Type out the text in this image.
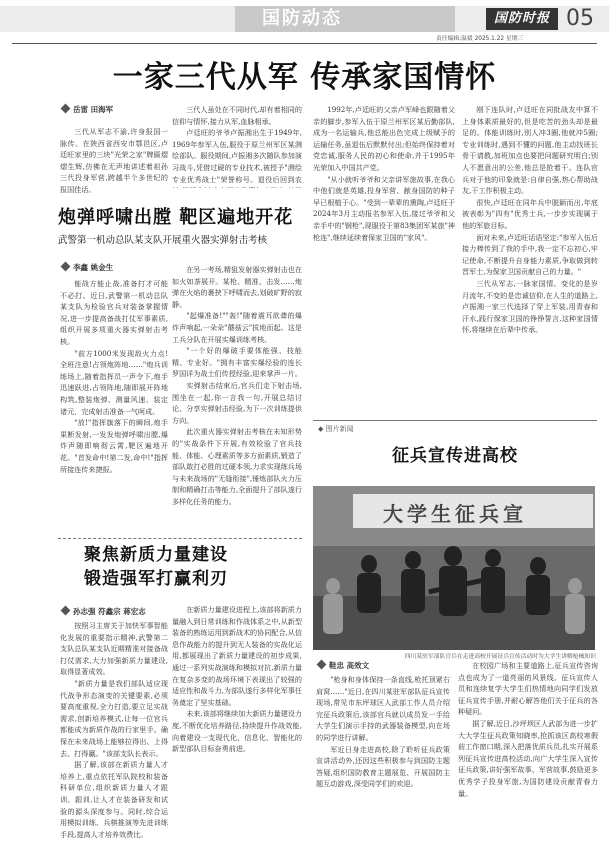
国防动态	国防时报 05
责任编辑:温媛 2025.1.22 星期三
一家三代从军 传承家国情怀
岳雷 田海军

三代从军志不渝,许身报国一脉传。在陕西省西安市鄠邑区,卢廷旺家里的三块"光荣之家"牌匾熠熠生辉,仿佛在无声地讲述着祖孙三代投身军营,跨越半个多世纪的报国佳话。

三代人虽处在不同时代,却有着相同的信仰与情怀,接力从军,血脉相承。

卢廷旺的爷爷卢振湘出生于1949年,1969年参军入伍,服役于原兰州军区某测绘部队。服役期间,卢振湘多次随队参加演习战斗,凭借过硬的专业技术,被授予"测绘专业优秀战士"荣誉称号。退役后回到农

1992年,卢廷旺的父亲卢军峰也跟随着父亲的脚步,参军入伍于原兰州军区某后勤部队,成为一名运输兵,他总能出色完成上级赋予的运输任务,虽退伍后默默付出;但始终保持着对党忠诚,服务人民的初心和使命,并于1995年光荣加入中国共产党。

"从小就听爷爷和父亲讲军旅故事,在我心中他们就是英雄,投身军营、献身国防的种子早已根植于心。"受到一辈辈的熏陶,卢廷旺于2024年3月主动报名参军入伍,接过爷爷和父亲手中的"钢枪",现服役于第83集团军某旅"神枪连",继续延续着保家卫国的"家风"。

刚下连队时,卢廷旺在同批战友中算不上身体素质最好的,但是吃苦的劲头却是最足的。体能训练时,别人冲3圈,他就冲5圈;专业训练时,遇到不懂的问题,他主动找班长骨干请教,加班加点也要把问题研究明白;别人不愿意出的公差,他总是抢着干。连队官兵对于他的印象就是:自律自强,热心帮助战友,干工作积极主动。

很快,卢廷旺在同年兵中脱颖而出,年底被表彰为"四有"优秀士兵,一步步实现属于他的军旅目标。

面对未来,卢廷旺话语坚定:"参军入伍后接力棒传到了我的手中,我一定不忘初心,牢记使命,不断提升自身能力素质,争取做到转晋军士,为保家卫国贡献自己的力量。"

三代从军志,一脉家国情。变化的是岁月流年,不变的是忠诚信仰,在人生的道路上,卢振湘一家三代选择了穿上军装,用青春和汗水,践行保家卫国的铮铮誓言,这种家国情怀,将继续在后辈中传承。

炮弹呼啸出膛 靶区遍地开花
武警第一机动总队某支队开展重火器实弹射击考核
李鑫 姚金生

能战方能止战,准备打才可能不必打。近日,武警第一机动总队某支队为检验官兵对装备掌握情况,进一步提高备战打仗军事素质,组织开展多项重火器实弹射击考核。

"前方1000米发现敌火力点!全班注意!占领炮阵地……"炮兵训练场上,随着指挥员一声令下,炮手迅速跃进,占领阵地,随即展开阵地构筑,整装炮弹、测量风速、装定诸元、完成射击准备一气呵成。

"放!"指挥旗落下的瞬间,炮手果断发射,一发发炮弹呼啸出膛,爆炸声随即响彻云霄,靶区遍地开花。"首发命中!第二发,命中!"指挥所接连传来捷报。

在另一考场,精狙发射器实弹射击也在如火如荼展开。某枪、精准、击发……炮弹在火焰的裹挟下呼啸而去,划破旷野的寂静。

"起爆准备!""轰!"随着震耳欲聋的爆炸声响起,一朵朵"蘑菇云"拔地而起。这是工兵分队在开展实爆训练考核。

"一个好的爆破手要体能强、技能精、专业好。"拥有丰富实爆经验的连长罗国详为战士们传授经验,迎来掌声一片。

实弹射击结束后,官兵们走下射击场,围坐在一起,你一言我一句,开展总结讨论、分享实弹射击经验,为下一次训练提供方向。

此次重火器实弹射击考核在未知形势的"实战条件下开展,有效检验了官兵技能、体能、心理素质等多方面素质,锻造了部队敢打必胜的过硬本领,力求实现练兵场与未来战场的"无缝衔接",锤炼部队火力压制和精确打击等能力,全面提升了部队遂行多样化任务的能力。

聚焦新质力量建设
锻造强军打赢利刃
孙志强 符鑫宗 蒋宏志

按照习主席关于加快军事智能化发展的重要指示精神,武警第二支队总队某支队近期精准对接备战打仗需求,大力加强新质力量建设,取得显著成效。

"新质力量是我们部队适应现代战争形态演变的关键要素,必须要高度重视,全力打造,要立足实战需求,创新培养模式,让每一位官兵都能成为新质作战的行家里手。确保在未来战场上能够拉得出、上得去、打得赢。"该部支队长表示。

据了解,该部在新质力量人才培养上,重点依托军队院校和装备科研单位,组织新质力量人才跟训、跟训,让人才在装备研发和试验的源头深度参与。同时,综合运用模拟训练、兵棋推演等先进训练手段,提高人才培养效费比。

在新质力量建设进程上,该部将新质力量融入到日常训练和作战体系之中,从新型装备的熟练运用到新战术的协同配合,从信息作战能力的提升到无人装备的实战化运用,都展现出了新质力量建设的初步成果,通过一系列实战演练和模拟对抗,新质力量在复杂多变的战场环境下表现出了较强的适应性和战斗力,为部队遂行多样化军事任务奠定了坚实基础。

未来,该部将继续加大新质力量建设力度,不断优化培养路径,持续提升作战效能,向着建设一支现代化、信息化、智能化的新型部队目标奋勇前进。

◆ 图片新闻
征兵宣传进高校
大学生征兵宣
四川某驻军部队官兵在走进高校开展征兵宣传活动时为大学生讲解枪械知识
鞋忠 高效文

"枪身和身体保持一条直线,枪托顶紧右肩窝……"近日,在四川某驻军部队征兵宣传现场,常见市东坪球区人武部工作人员介绍完征兵政策后,该部官兵就以成员发一手给大学生们演示手持的武器装备模型,向在场的同学进行讲解。

军近日身走进高校,除了聆听征兵政策宣讲活动外,还因这些积极参与到国防主题答疑,组织国防教育主题展览、开展国防主题互动游戏,深受同学们的欢迎。

在校园广场和主要道路上,征兵宣传咨询点也成为了一道亮丽的风景线。征兵宣传人员和连续复学大学生们热情地向同学们发放征兵宣传手册,并耐心解答他们关于征兵的各种疑问。

据了解,近日,沙坪坝区人武部为进一步扩大大学生征兵政策知晓率,抢抓该区高校寒假前工作窗口期,深入把落优质兵员,扎实开展系列征兵宣传进高校活动,向广大学生深入宣传征兵政策,讲好强军故事、军营故事,鼓励更多优秀学子投身军旅,为国防建设贡献青春力量。
